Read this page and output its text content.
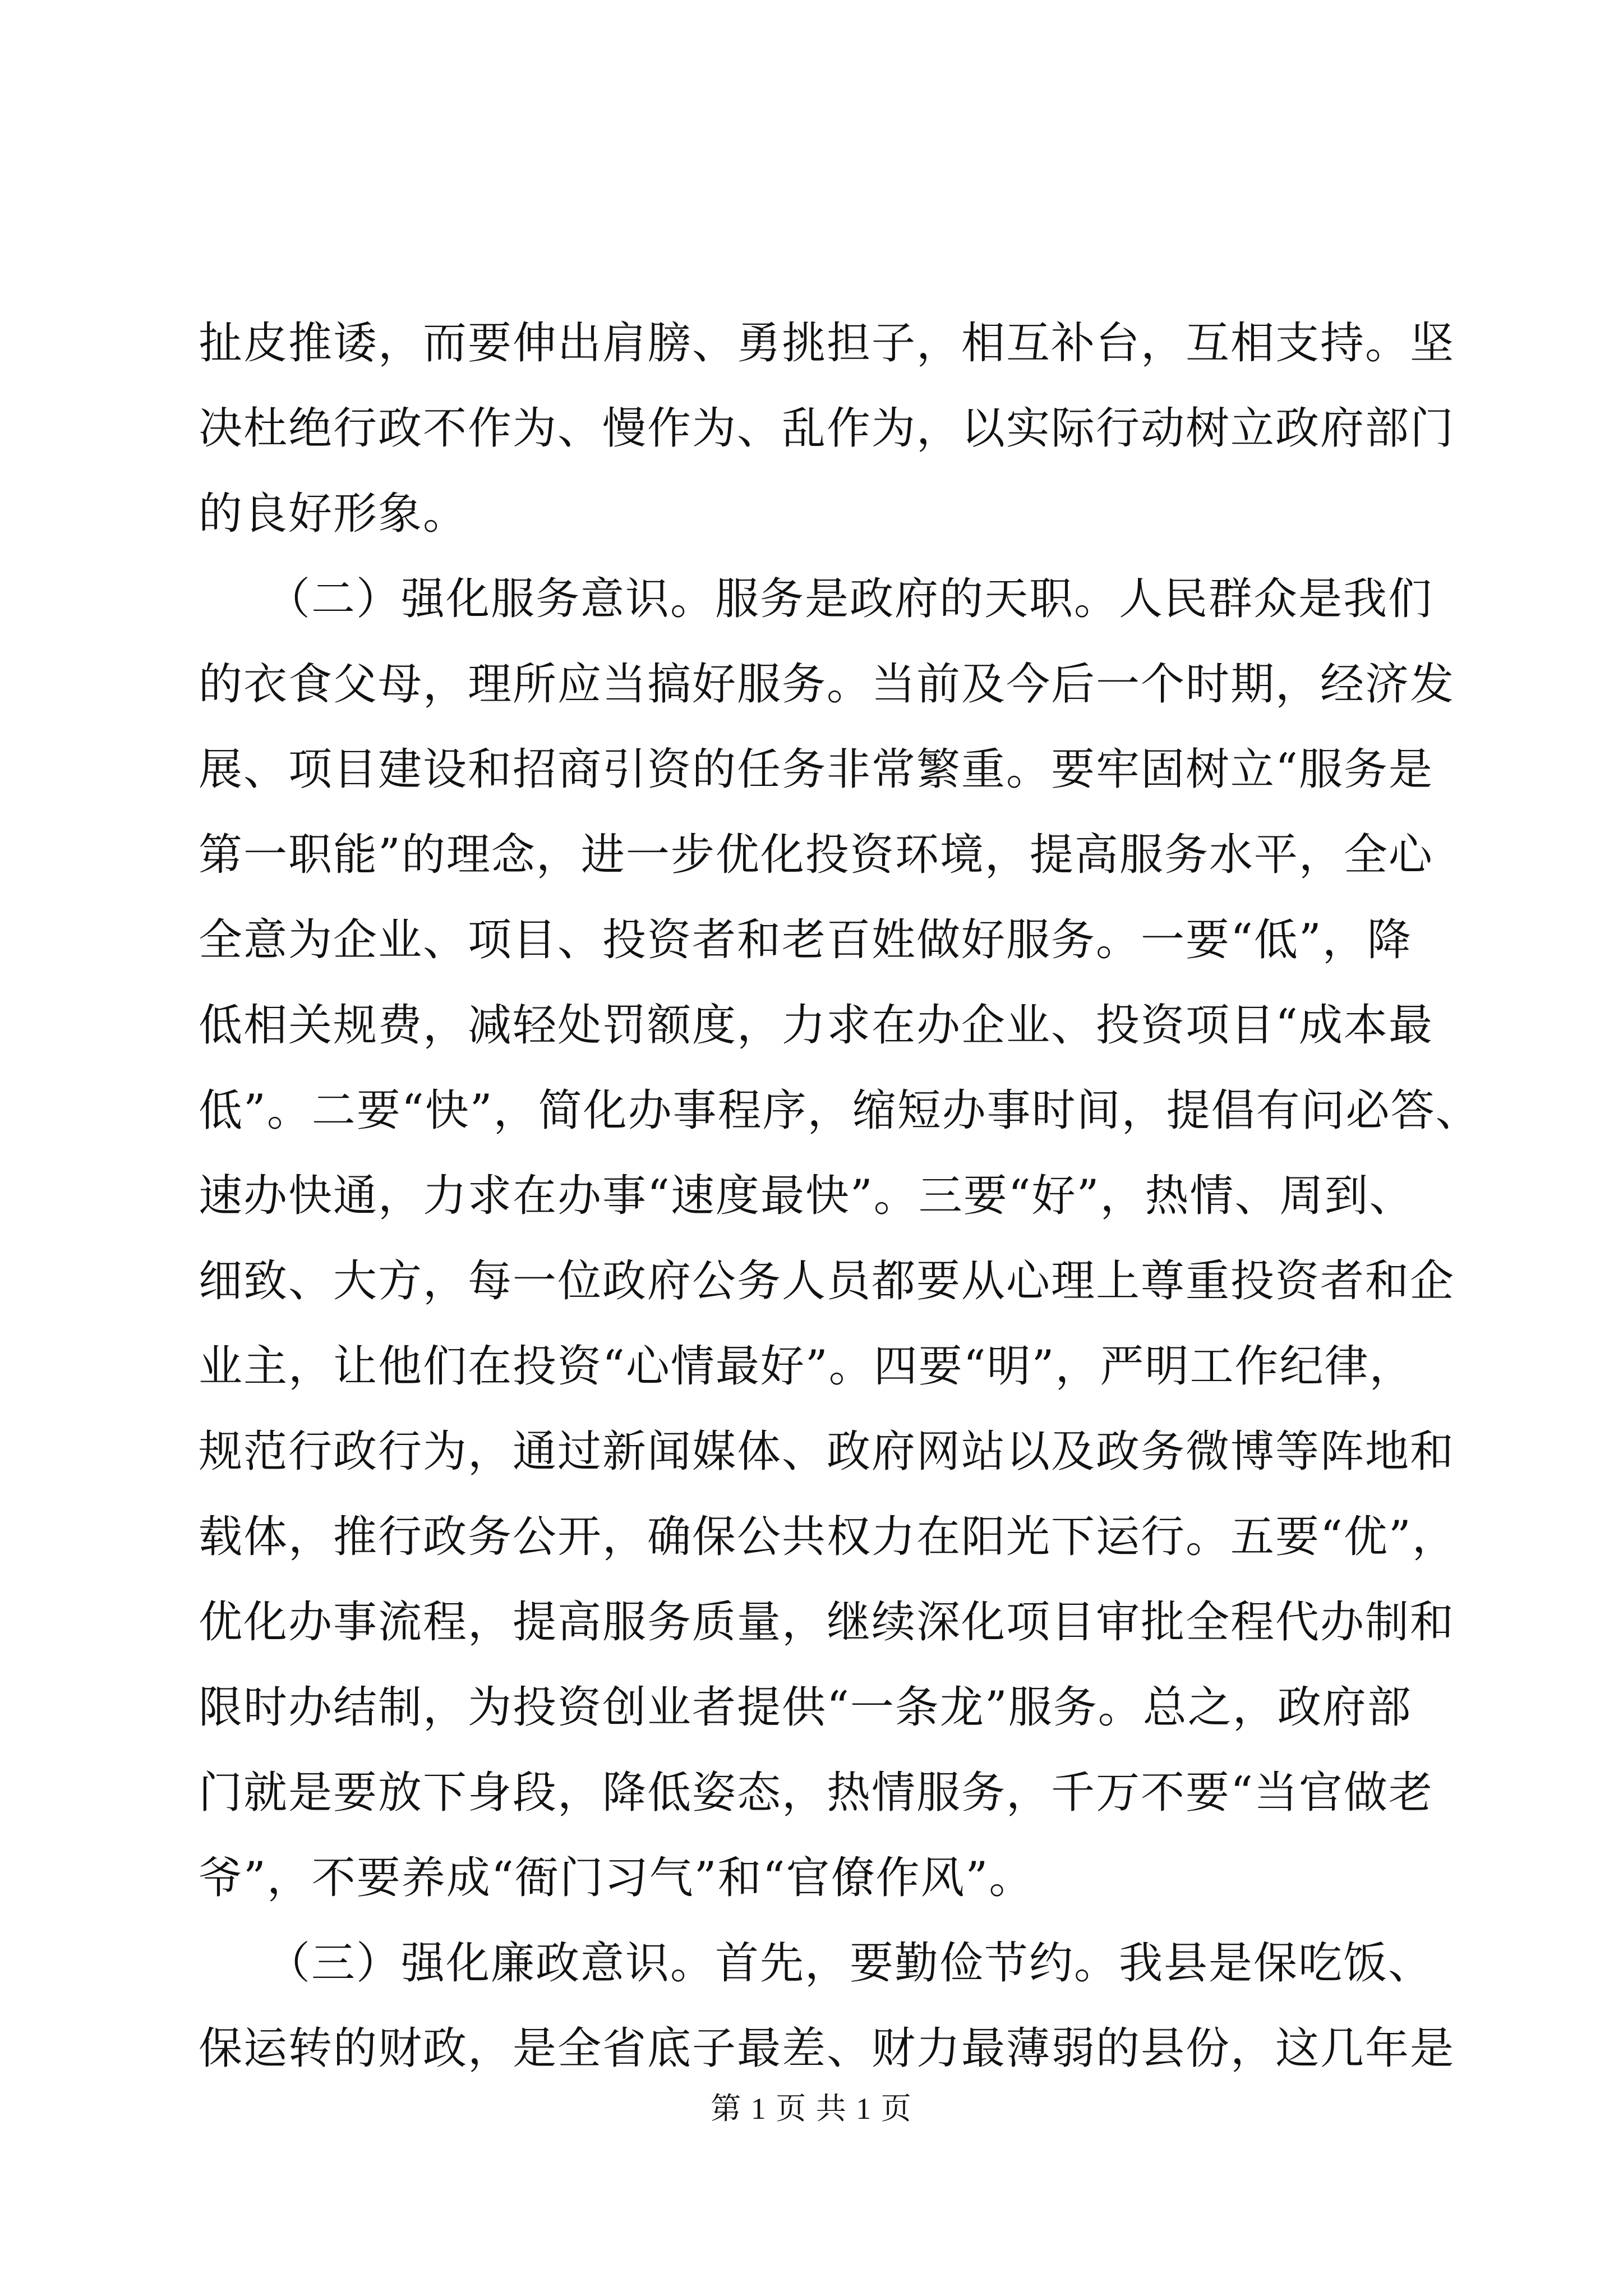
扯皮推诿，而要伸出肩膀、勇挑担子，相互补台，互相支持。坚
决杜绝行政不作为、慢作为、乱作为，以实际行动树立政府部门
的良好形象。
　　（二）强化服务意识。服务是政府的天职。人民群众是我们
的衣食父母，理所应当搞好服务。当前及今后一个时期，经济发
展、项目建设和招商引资的任务非常繁重。要牢固树立“服务是
第一职能”的理念，进一步优化投资环境，提高服务水平，全心
全意为企业、项目、投资者和老百姓做好服务。一要“低”，降
低相关规费，减轻处罚额度，力求在办企业、投资项目“成本最
低”。二要“快”，简化办事程序，缩短办事时间，提倡有问必答、
速办快通，力求在办事“速度最快”。三要“好”，热情、周到、
细致、大方，每一位政府公务人员都要从心理上尊重投资者和企
业主，让他们在投资“心情最好”。四要“明”，严明工作纪律，
规范行政行为，通过新闻媒体、政府网站以及政务微博等阵地和
载体，推行政务公开，确保公共权力在阳光下运行。五要“优”，
优化办事流程，提高服务质量，继续深化项目审批全程代办制和
限时办结制，为投资创业者提供“一条龙”服务。总之，政府部
门就是要放下身段，降低姿态，热情服务，千万不要“当官做老
爷”，不要养成“衙门习气”和“官僚作风”。
　　（三）强化廉政意识。首先，要勤俭节约。我县是保吃饭、
保运转的财政，是全省底子最差、财力最薄弱的县份，这几年是
第 1 页 共 1 页
